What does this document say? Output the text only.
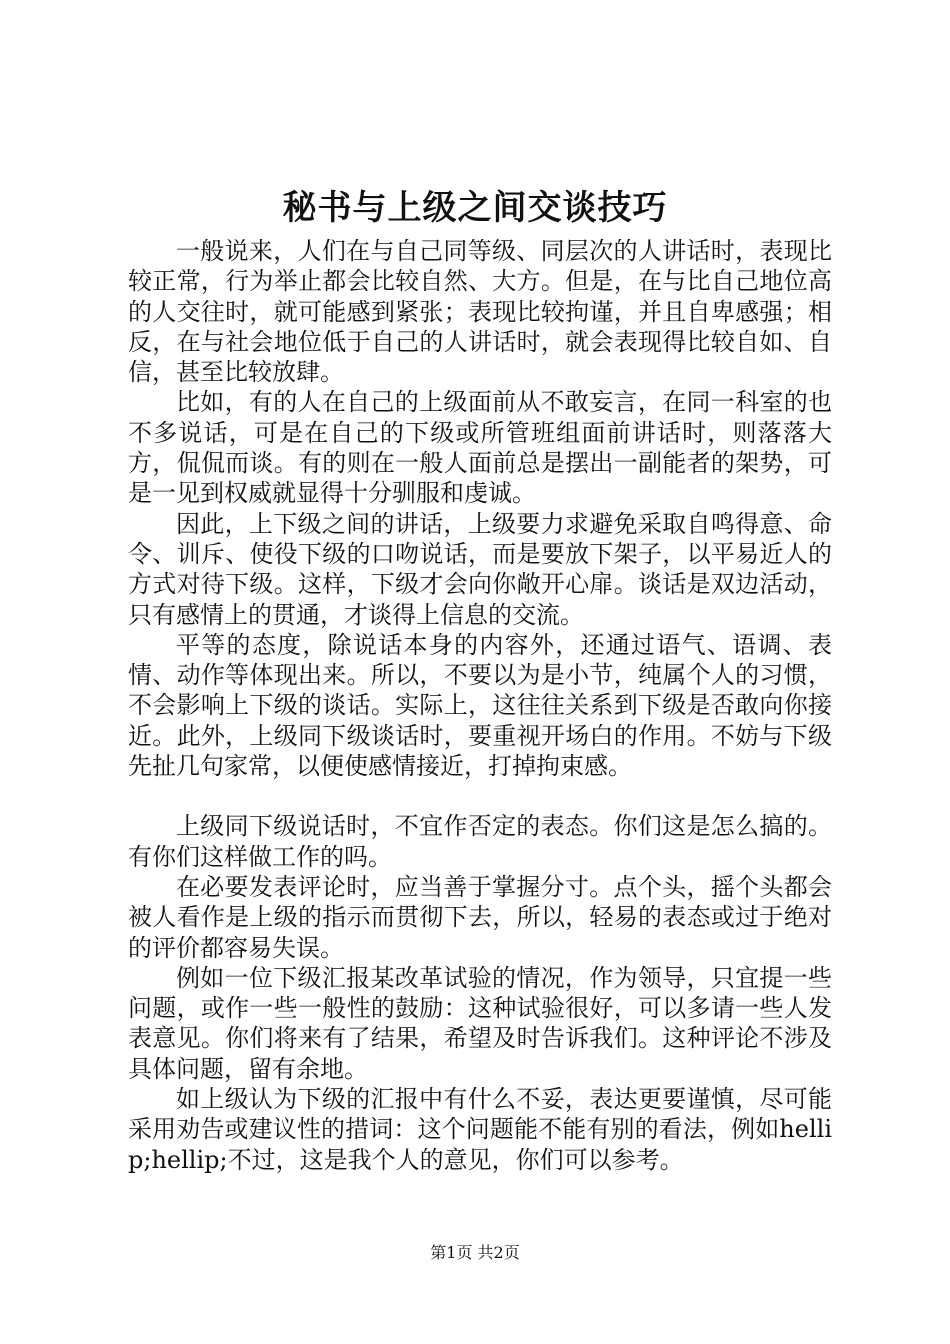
秘书与上级之间交谈技巧

一般说来，人们在与自己同等级、同层次的人讲话时，表现比较正常，行为举止都会比较自然、大方。但是，在与比自己地位高的人交往时，就可能感到紧张；表现比较拘谨，并且自卑感强；相反，在与社会地位低于自己的人讲话时，就会表现得比较自如、自信，甚至比较放肆。

比如，有的人在自己的上级面前从不敢妄言，在同一科室的也不多说话，可是在自己的下级或所管班组面前讲话时，则落落大方，侃侃而谈。有的则在一般人面前总是摆出一副能者的架势，可是一见到权威就显得十分驯服和虔诚。

因此，上下级之间的讲话，上级要力求避免采取自鸣得意、命令、训斥、使役下级的口吻说话，而是要放下架子，以平易近人的方式对待下级。这样，下级才会向你敞开心扉。谈话是双边活动，只有感情上的贯通，才谈得上信息的交流。

平等的态度，除说话本身的内容外，还通过语气、语调、表情、动作等体现出来。所以，不要以为是小节，纯属个人的习惯，不会影响上下级的谈话。实际上，这往往关系到下级是否敢向你接近。此外，上级同下级谈话时，要重视开场白的作用。不妨与下级先扯几句家常，以便使感情接近，打掉拘束感。

上级同下级说话时，不宜作否定的表态。你们这是怎么搞的。有你们这样做工作的吗。

在必要发表评论时，应当善于掌握分寸。点个头，摇个头都会被人看作是上级的指示而贯彻下去，所以，轻易的表态或过于绝对的评价都容易失误。

例如一位下级汇报某改革试验的情况，作为领导，只宜提一些问题，或作一些一般性的鼓励：这种试验很好，可以多请一些人发表意见。你们将来有了结果，希望及时告诉我们。这种评论不涉及具体问题，留有余地。

如上级认为下级的汇报中有什么不妥，表达更要谨慎，尽可能采用劝告或建议性的措词：这个问题能不能有别的看法，例如hellip;hellip;不过，这是我个人的意见，你们可以参考。

第1页 共2页
